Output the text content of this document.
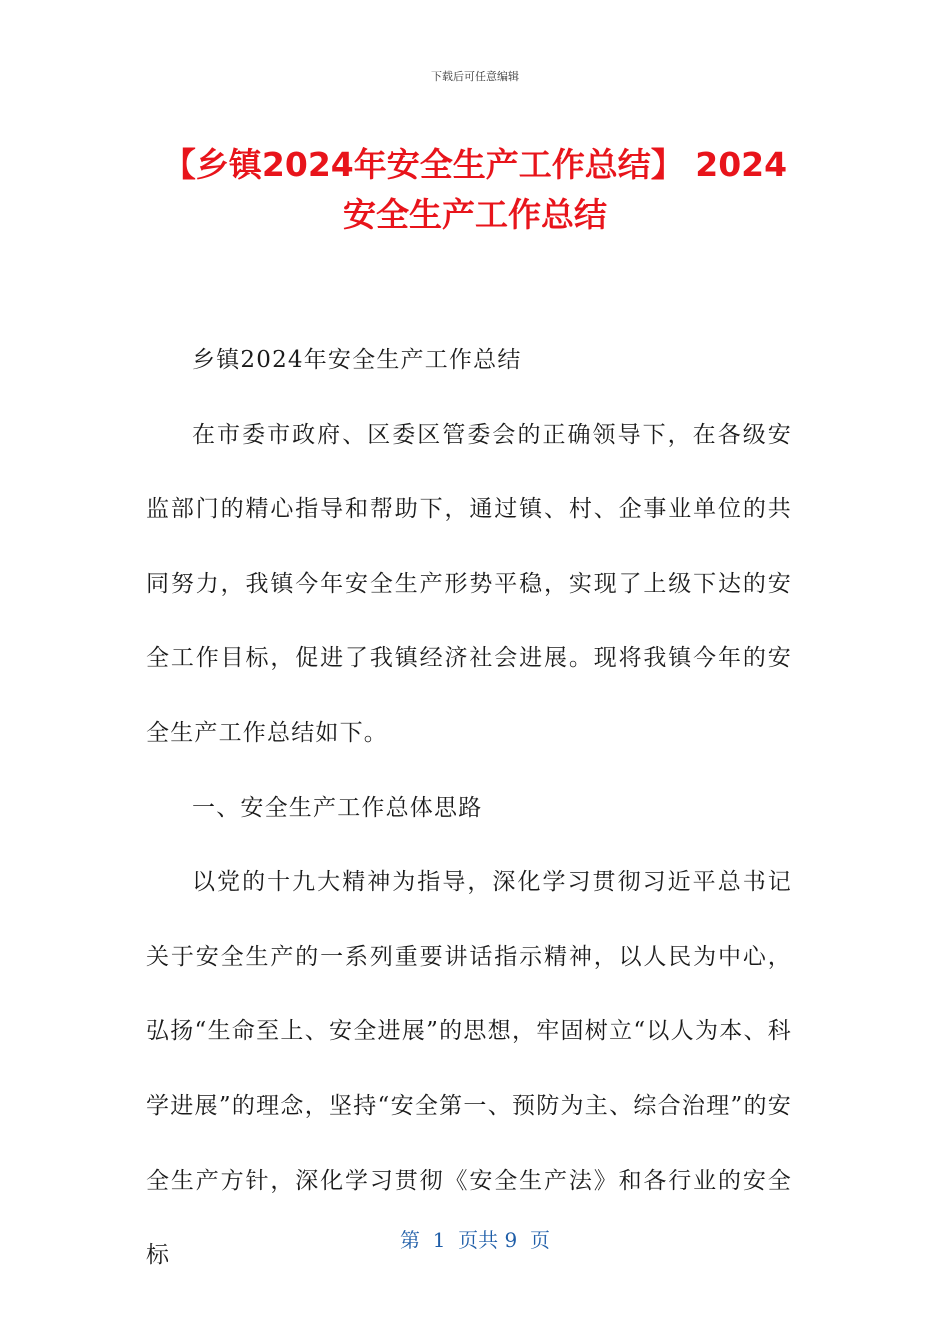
下载后可任意编辑
【乡镇2024年安全生产工作总结】 2024
安全生产工作总结

乡镇2024年安全生产工作总结

在市委市政府、区委区管委会的正确领导下，在各级安监部门的精心指导和帮助下，通过镇、村、企事业单位的共同努力，我镇今年安全生产形势平稳，实现了上级下达的安全工作目标，促进了我镇经济社会进展。现将我镇今年的安全生产工作总结如下。

一、安全生产工作总体思路

以党的十九大精神为指导，深化学习贯彻习近平总书记关于安全生产的一系列重要讲话指示精神，以人民为中心，弘扬“生命至上、安全进展”的思想，牢固树立“以人为本、科学进展”的理念，坚持“安全第一、预防为主、综合治理”的安全生产方针，深化学习贯彻《安全生产法》和各行业的安全标

第  1  页共 9  页
